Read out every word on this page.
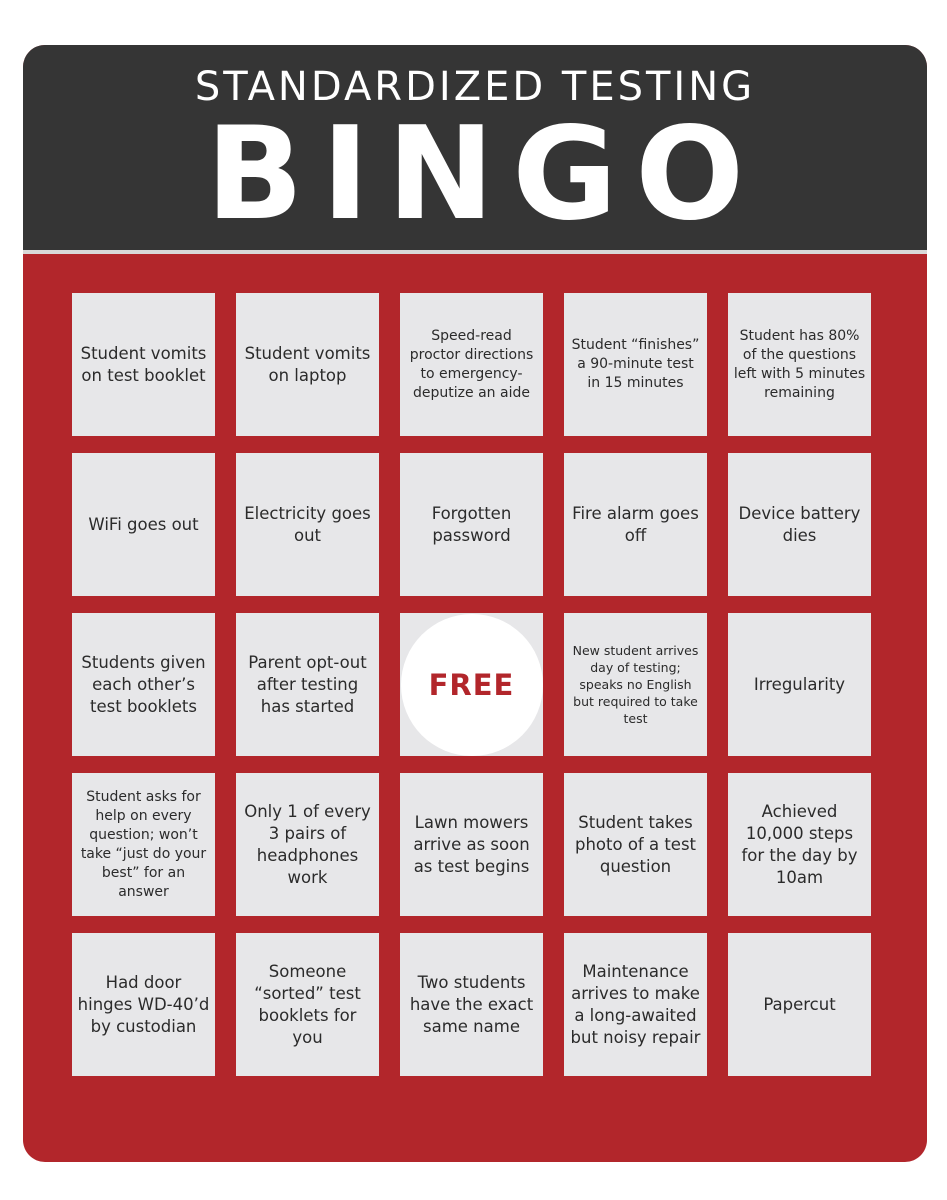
STANDARDIZED TESTING
BINGO
Student vomits on test booklet
Student vomits on laptop
Speed-read proctor directions to emergency-deputize an aide
Student “finishes” a 90-minute test in 15 minutes
Student has 80% of the questions left with 5 minutes remaining
WiFi goes out
Electricity goes out
Forgotten password
Fire alarm goes off
Device battery dies
Students given each other’s test booklets
Parent opt-out after testing has started
FREE
New student arrives day of testing; speaks no English but required to take test
Irregularity
Student asks for help on every question; won’t take “just do your best” for an answer
Only 1 of every 3 pairs of headphones work
Lawn mowers arrive as soon as test begins
Student takes photo of a test question
Achieved 10,000 steps for the day by 10am
Had door hinges WD-40’d by custodian
Someone “sorted” test booklets for you
Two students have the exact same name
Maintenance arrives to make a long-awaited but noisy repair
Papercut
